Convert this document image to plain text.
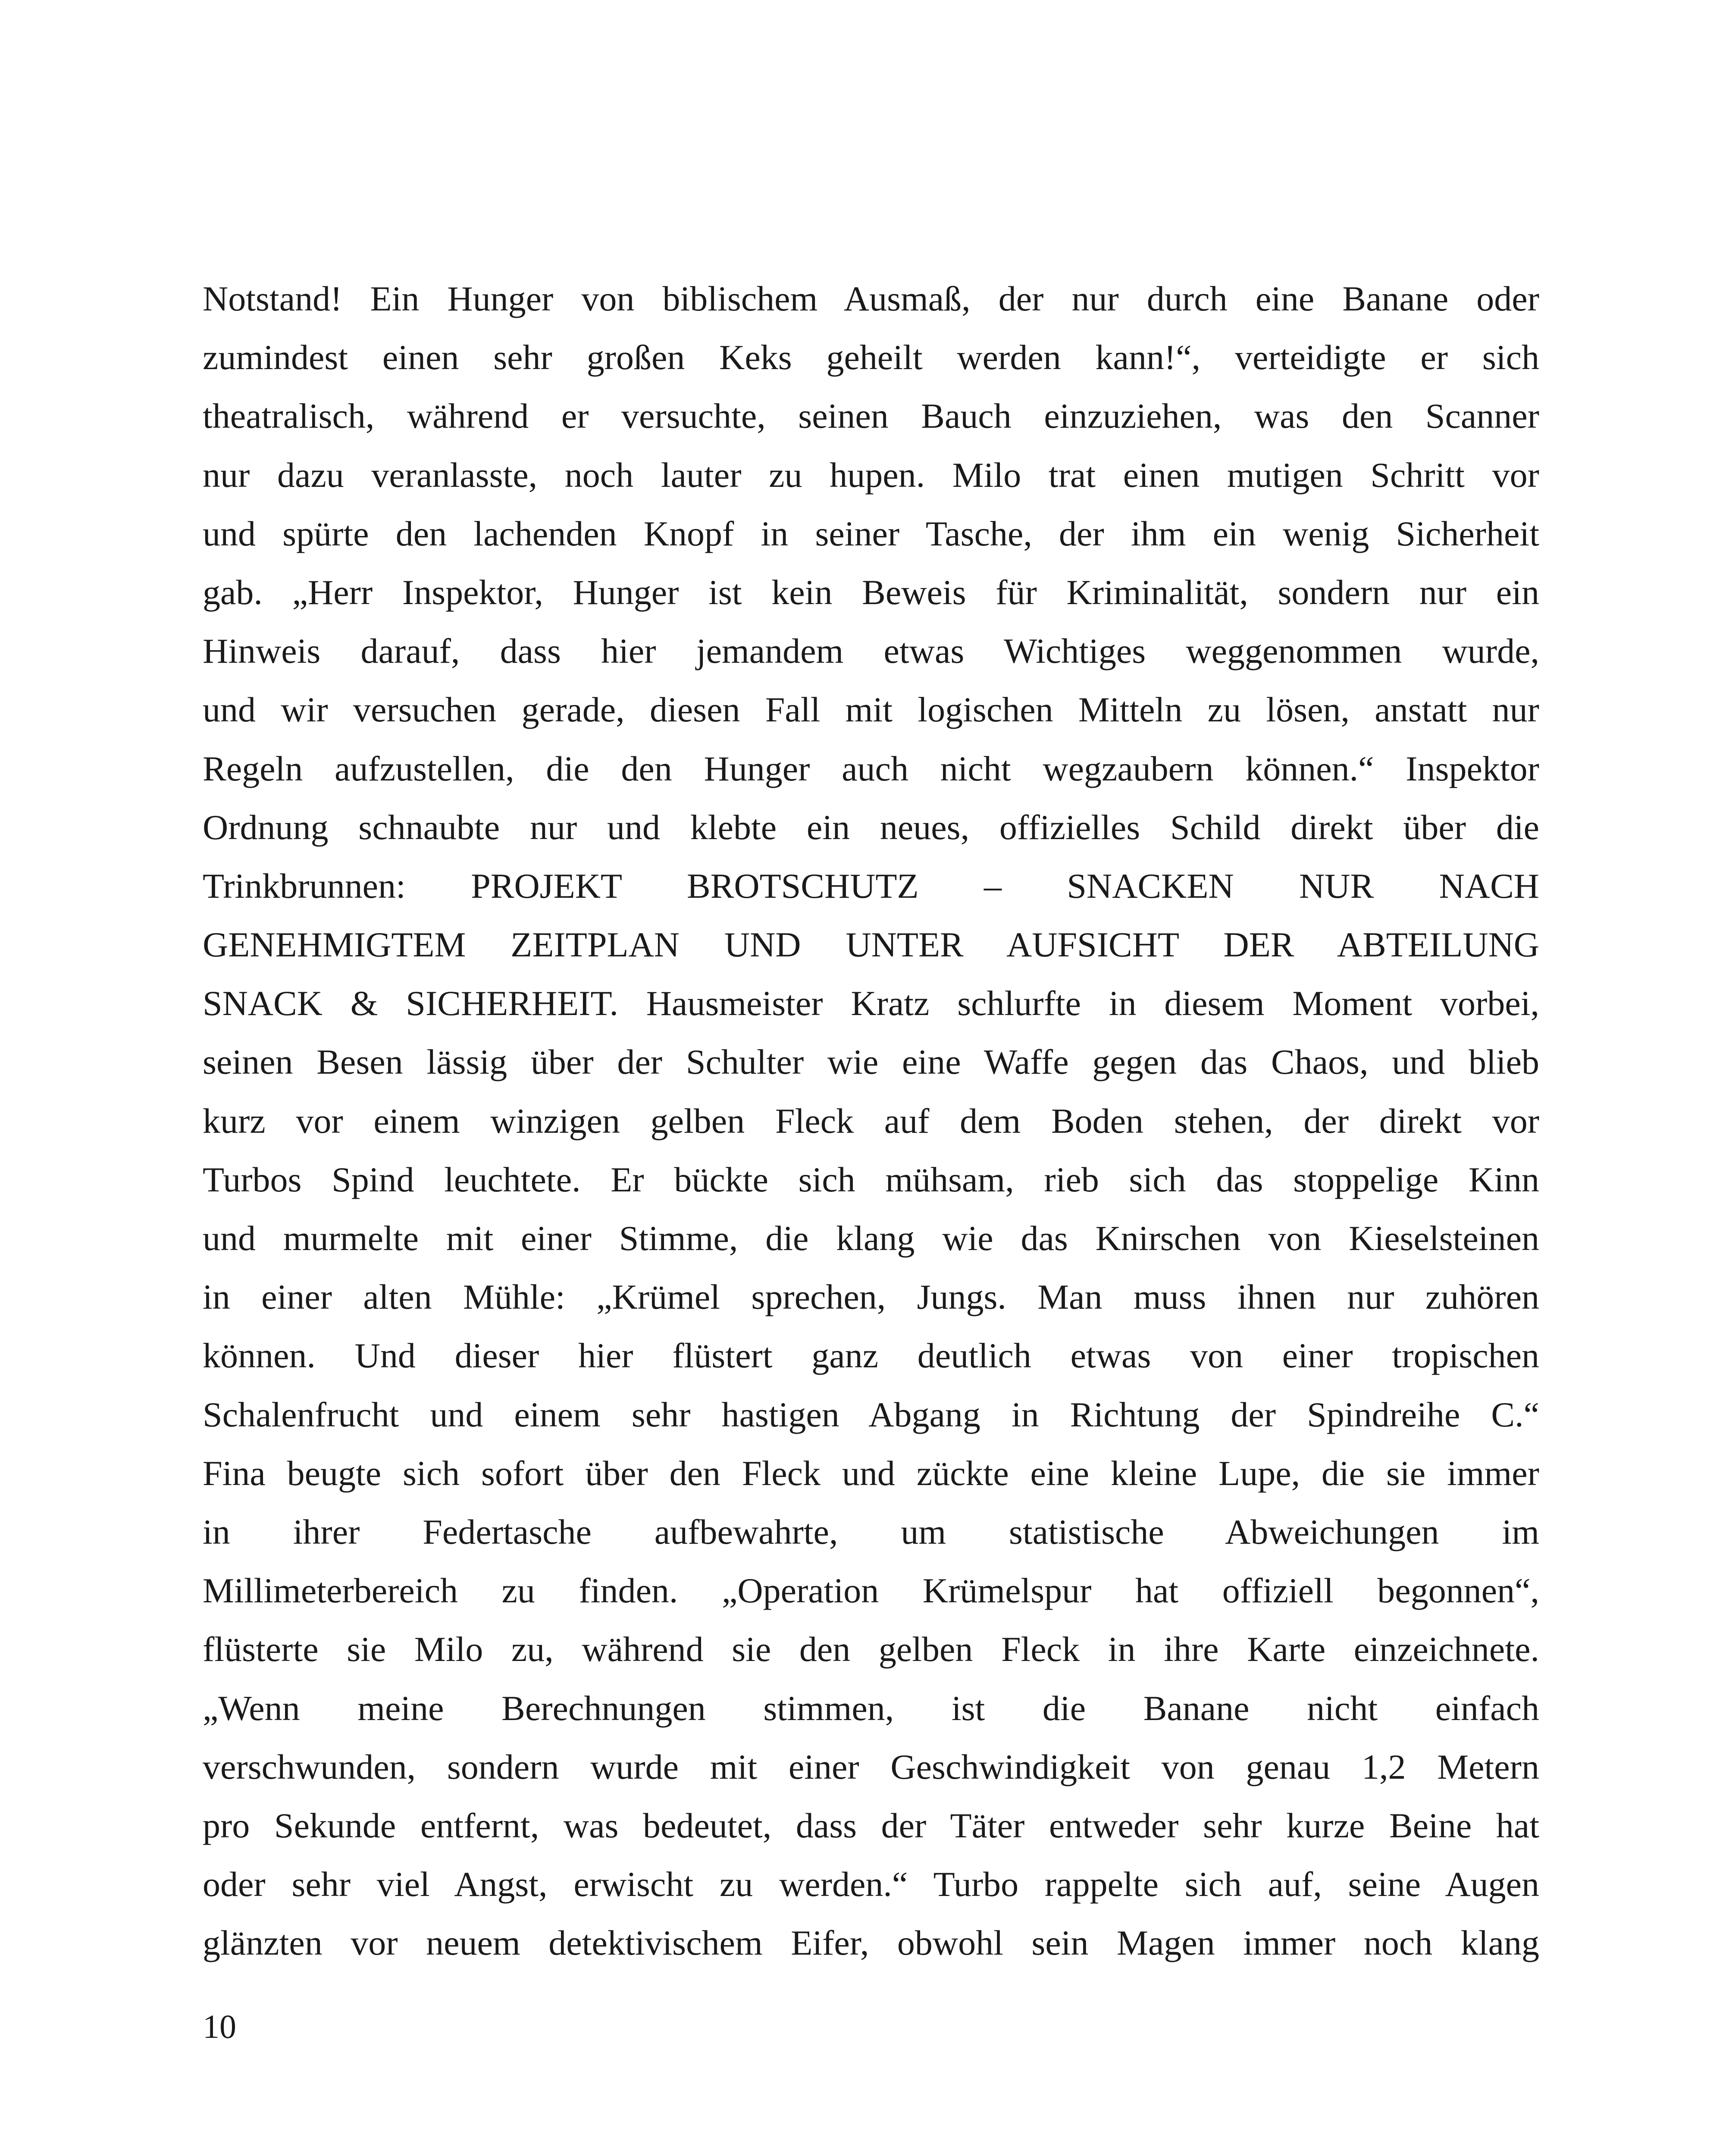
Notstand! Ein Hunger von biblischem Ausmaß, der nur durch eine Banane oder
zumindest einen sehr großen Keks geheilt werden kann!“, verteidigte er sich
theatralisch, während er versuchte, seinen Bauch einzuziehen, was den Scanner
nur dazu veranlasste, noch lauter zu hupen. Milo trat einen mutigen Schritt vor
und spürte den lachenden Knopf in seiner Tasche, der ihm ein wenig Sicherheit
gab. „Herr Inspektor, Hunger ist kein Beweis für Kriminalität, sondern nur ein
Hinweis darauf, dass hier jemandem etwas Wichtiges weggenommen wurde,
und wir versuchen gerade, diesen Fall mit logischen Mitteln zu lösen, anstatt nur
Regeln aufzustellen, die den Hunger auch nicht wegzaubern können.“ Inspektor
Ordnung schnaubte nur und klebte ein neues, offizielles Schild direkt über die
Trinkbrunnen: PROJEKT BROTSCHUTZ – SNACKEN NUR NACH
GENEHMIGTEM ZEITPLAN UND UNTER AUFSICHT DER ABTEILUNG
SNACK & SICHERHEIT. Hausmeister Kratz schlurfte in diesem Moment vorbei,
seinen Besen lässig über der Schulter wie eine Waffe gegen das Chaos, und blieb
kurz vor einem winzigen gelben Fleck auf dem Boden stehen, der direkt vor
Turbos Spind leuchtete. Er bückte sich mühsam, rieb sich das stoppelige Kinn
und murmelte mit einer Stimme, die klang wie das Knirschen von Kieselsteinen
in einer alten Mühle: „Krümel sprechen, Jungs. Man muss ihnen nur zuhören
können. Und dieser hier flüstert ganz deutlich etwas von einer tropischen
Schalenfrucht und einem sehr hastigen Abgang in Richtung der Spindreihe C.“
Fina beugte sich sofort über den Fleck und zückte eine kleine Lupe, die sie immer
in ihrer Federtasche aufbewahrte, um statistische Abweichungen im
Millimeterbereich zu finden. „Operation Krümelspur hat offiziell begonnen“,
flüsterte sie Milo zu, während sie den gelben Fleck in ihre Karte einzeichnete.
„Wenn meine Berechnungen stimmen, ist die Banane nicht einfach
verschwunden, sondern wurde mit einer Geschwindigkeit von genau 1,2 Metern
pro Sekunde entfernt, was bedeutet, dass der Täter entweder sehr kurze Beine hat
oder sehr viel Angst, erwischt zu werden.“ Turbo rappelte sich auf, seine Augen
glänzten vor neuem detektivischem Eifer, obwohl sein Magen immer noch klang
10
